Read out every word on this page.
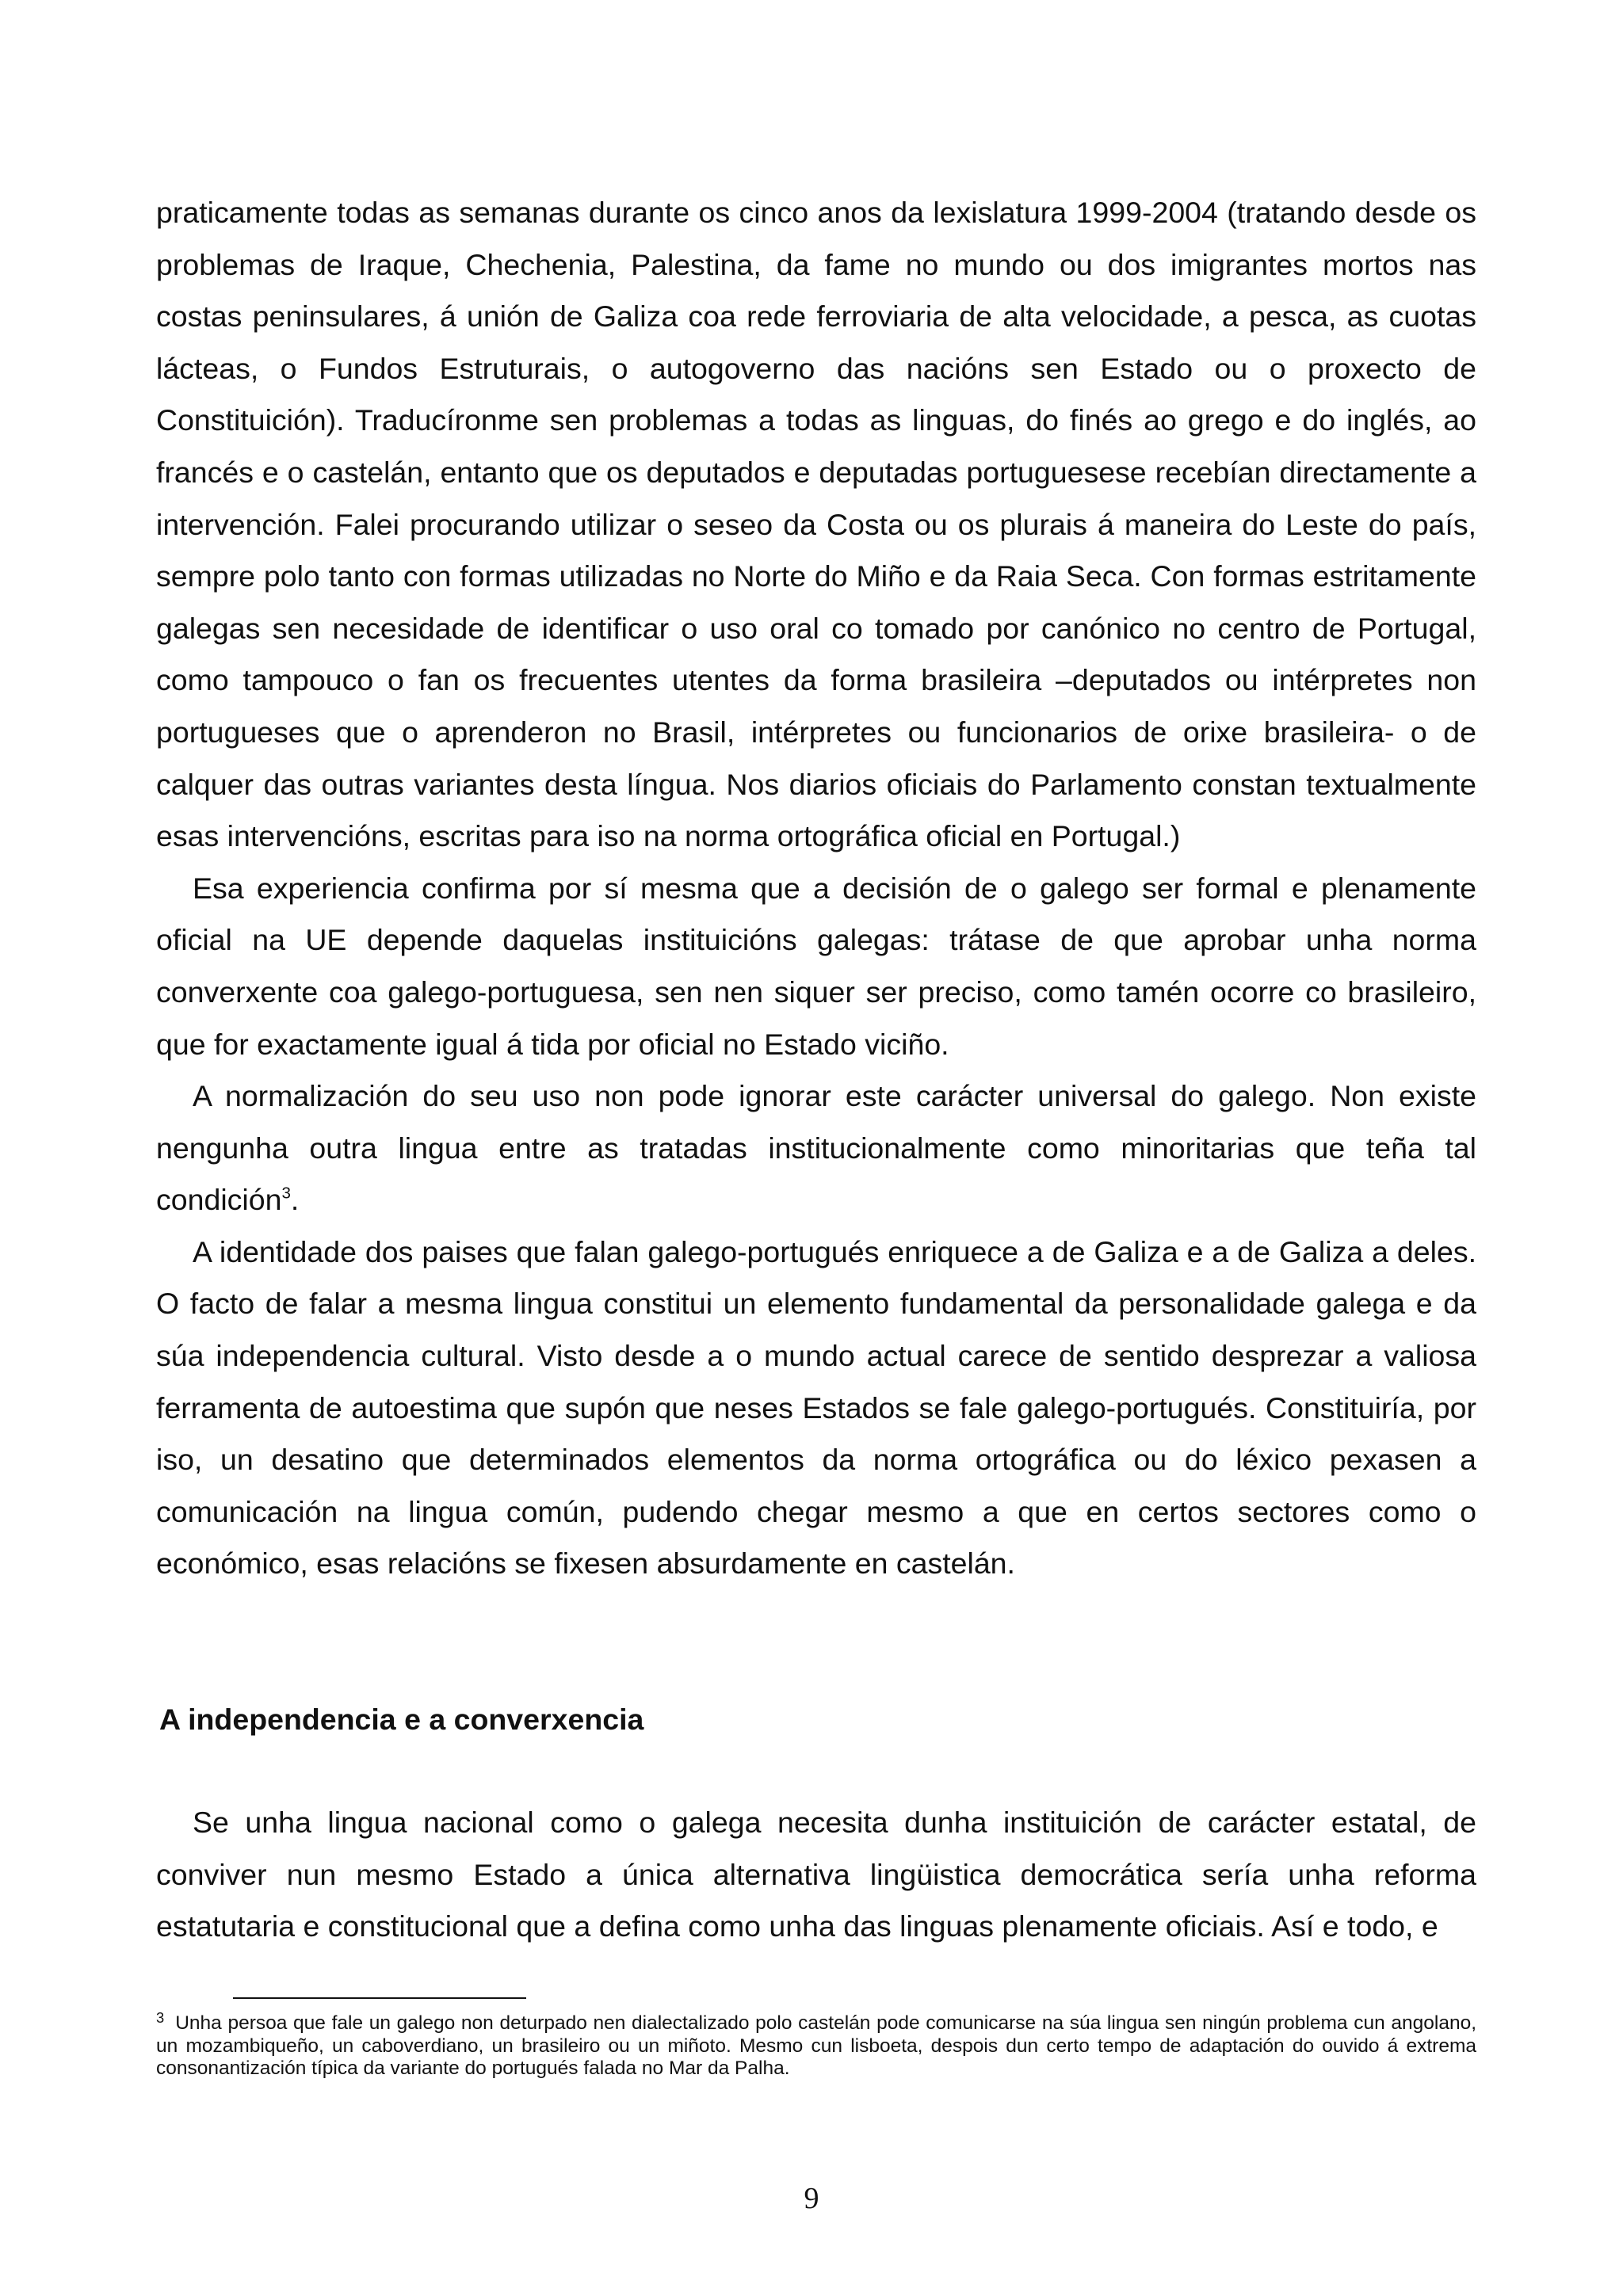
praticamente todas as semanas durante os cinco anos da lexislatura 1999-2004 (tratando desde os problemas de Iraque, Chechenia, Palestina, da fame no mundo ou dos imigrantes mortos nas costas peninsulares, á unión de Galiza coa rede ferroviaria de alta velocidade, a pesca, as cuotas lácteas, o Fundos Estruturais, o autogoverno das nacións sen Estado ou o proxecto de Constituición). Traducíronme sen problemas a todas as linguas, do finés ao grego e do inglés, ao francés e o castelán, entanto que os deputados e deputadas portuguesese recebían directamente a intervención. Falei procurando utilizar o seseo da Costa ou os plurais á maneira do Leste do país, sempre polo tanto con formas utilizadas no Norte do Miño e da Raia Seca. Con formas estritamente galegas sen necesidade de identificar o uso oral co tomado por canónico no centro de Portugal, como tampouco o fan os frecuentes utentes da forma brasileira –deputados ou intérpretes non portugueses que o aprenderon no Brasil, intérpretes ou funcionarios de orixe brasileira- o de calquer das outras variantes desta língua. Nos diarios oficiais do Parlamento constan textualmente esas intervencións, escritas para iso na norma ortográfica oficial en Portugal.)

Esa experiencia confirma por sí mesma que a decisión de o galego ser formal e plenamente oficial na UE depende daquelas instituicións galegas: trátase de que aprobar unha norma converxente coa galego-portuguesa, sen nen siquer ser preciso, como tamén ocorre co brasileiro, que for exactamente igual á tida por oficial no Estado viciño.

A normalización do seu uso non pode ignorar este carácter universal do galego. Non existe nengunha outra lingua entre as tratadas institucionalmente como minoritarias que teña tal condición$^3$.

A identidade dos paises que falan galego-portugués enriquece a de Galiza e a de Galiza a deles. O facto de falar a mesma lingua constitui un elemento fundamental da personalidade galega e da súa independencia cultural. Visto desde a o mundo actual carece de sentido desprezar a valiosa ferramenta de autoestima que supón que neses Estados se fale galego-portugués. Constituiría, por iso, un desatino que determinados elementos da norma ortográfica ou do léxico pexasen a comunicación na lingua común, pudendo chegar mesmo a que en certos sectores como o económico, esas relacións se fixesen absurdamente en castelán.

A independencia e a converxencia

Se unha lingua nacional como o galega necesita dunha instituición de carácter estatal, de conviver nun mesmo Estado a única alternativa lingüistica democrática sería unha reforma estatutaria e constitucional que a defina como unha das linguas plenamente oficiais. Así e todo, e

$^3$ Unha persoa que fale un galego non deturpado nen dialectalizado polo castelán pode comunicarse na súa lingua sen ningún problema cun angolano, un mozambiqueño, un caboverdiano, un brasileiro ou un miñoto. Mesmo cun lisboeta, despois dun certo tempo de adaptación do ouvido á extrema consonantización típica da variante do portugués falada no Mar da Palha.

9
